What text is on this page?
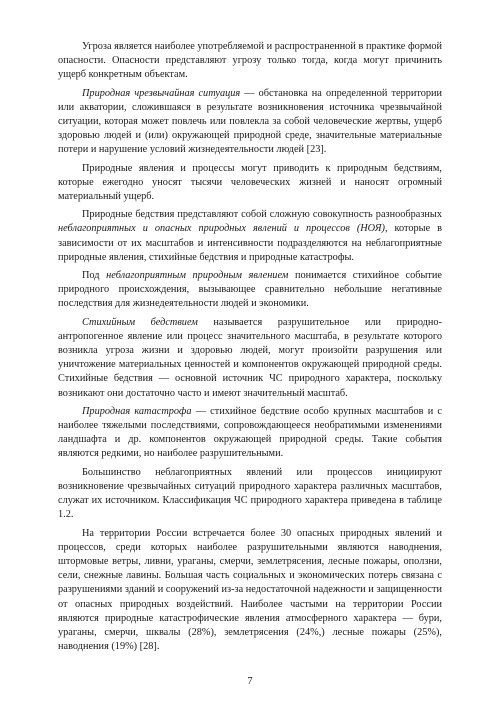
Угроза является наиболее употребляемой и распространенной в практике формой опасности. Опасности представляют угрозу только тогда, когда могут причинить ущерб конкретным объектам.

Природная чрезвычайная ситуация — обстановка на определенной территории или акватории, сложившаяся в результате возникновения источника чрезвычайной ситуации, которая может повлечь или повлекла за собой человеческие жертвы, ущерб здоровью людей и (или) окружающей природной среде, значительные материальные потери и нарушение условий жизнедеятельности людей [23].

Природные явления и процессы могут приводить к природным бедствиям, которые ежегодно уносят тысячи человеческих жизней и наносят огромный материальный ущерб.

Природные бедствия представляют собой сложную совокупность разнообразных неблагоприятных и опасных природных явлений и процессов (НОЯ), которые в зависимости от их масштабов и интенсивности подразделяются на неблагоприятные природные явления, стихийные бедствия и природные катастрофы.

Под неблагоприятным природным явлением понимается стихийное событие природного происхождения, вызывающее сравнительно небольшие негативные последствия для жизнедеятельности людей и экономики.

Стихийным бедствием называется разрушительное или природно-антропогенное явление или процесс значительного масштаба, в результате которого возникла угроза жизни и здоровью людей, могут произойти разрушения или уничтожение материальных ценностей и компонентов окружающей природной среды. Стихийные бедствия — основной источник ЧС природного характера, поскольку возникают они достаточно часто и имеют значительный масштаб.

Природная катастрофа — стихийное бедствие особо крупных масштабов и с наиболее тяжелыми последствиями, сопровождающееся необратимыми изменениями ландшафта и др. компонентов окружающей природной среды. Такие события являются редкими, но наиболее разрушительными.

Большинство неблагоприятных явлений или процессов инициируют возникновение чрезвычайных ситуаций природного характера различных масштабов, служат их источником. Классификация ЧС природного характера приведена в таблице 1.2.

На территории России встречается более 30 опасных природных явлений и процессов, среди которых наиболее разрушительными являются наводнения, штормовые ветры, ливни, ураганы, смерчи, землетрясения, лесные пожары, оползни, сели, снежные лавины. Большая часть социальных и экономических потерь связана с разрушениями зданий и сооружений из-за недостаточной надежности и защищенности от опасных природных воздействий. Наиболее частыми на территории России являются природные катастрофические явления атмосферного характера — бури, ураганы, смерчи, шквалы (28%), землетрясения (24%,) лесные пожары (25%), наводнения (19%) [28].

7
